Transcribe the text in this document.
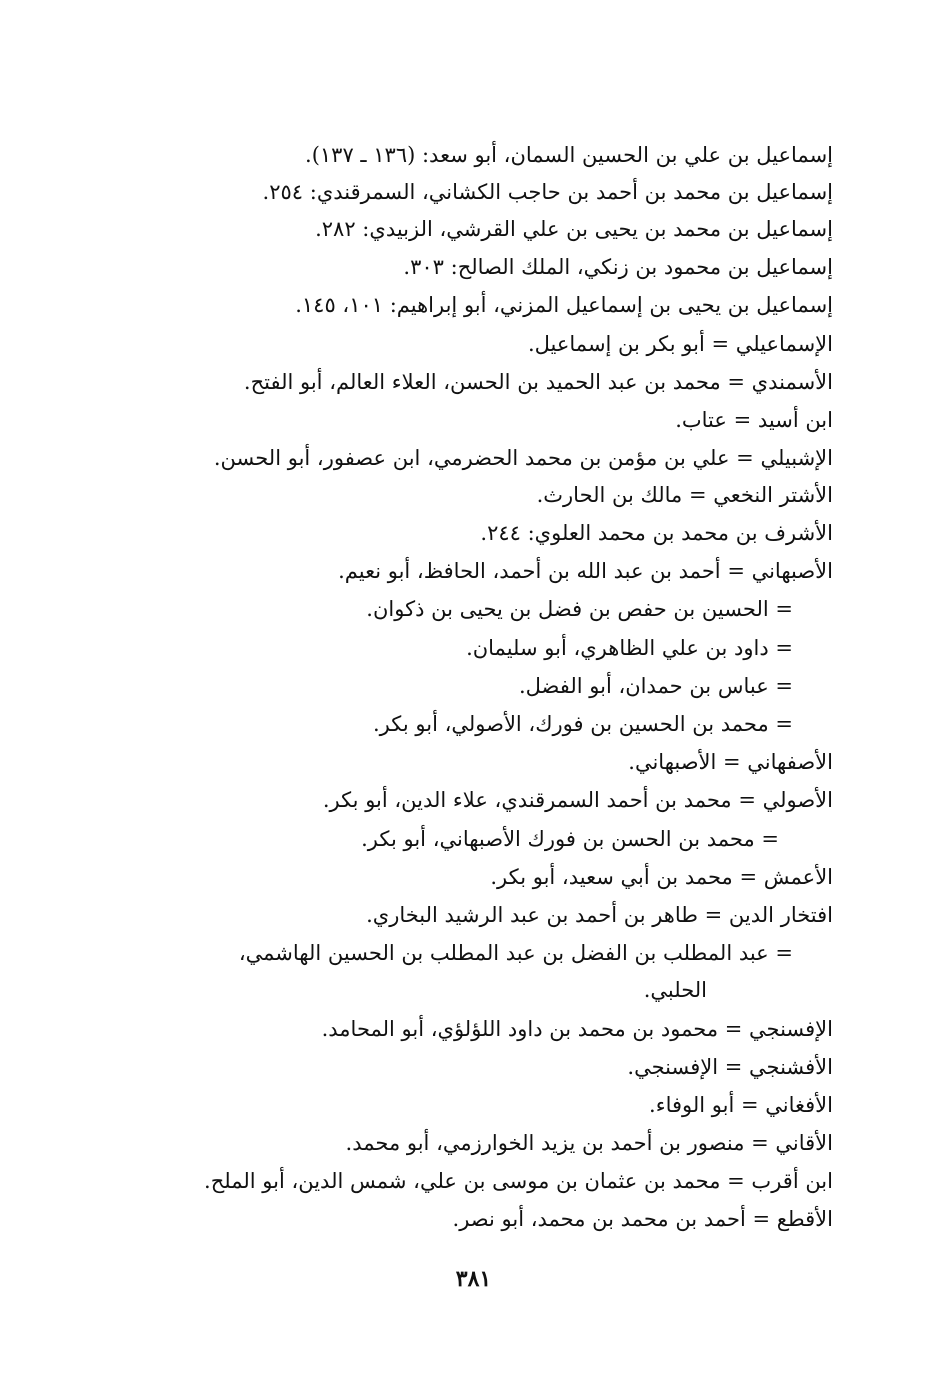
إسماعيل بن علي بن الحسين السمان، أبو سعد: (١٣٦ ـ ١٣٧).
إسماعيل بن محمد بن أحمد بن حاجب الكشاني، السمرقندي: ٢٥٤.
إسماعيل بن محمد بن يحيى بن علي القرشي، الزبيدي: ٢٨٢.
إسماعيل بن محمود بن زنكي، الملك الصالح: ٣٠٣.
إسماعيل بن يحيى بن إسماعيل المزني، أبو إبراهيم: ١٠١، ١٤٥.
الإسماعيلي = أبو بكر بن إسماعيل.
الأسمندي = محمد بن عبد الحميد بن الحسن، العلاء العالم، أبو الفتح.
ابن أسيد = عتاب.
الإشبيلي = علي بن مؤمن بن محمد الحضرمي، ابن عصفور، أبو الحسن.
الأشتر النخعي = مالك بن الحارث.
الأشرف بن محمد بن محمد العلوي: ٢٤٤.
الأصبهاني = أحمد بن عبد الله بن أحمد، الحافظ، أبو نعيم.
= الحسين بن حفص بن فضل بن يحيى بن ذكوان.
= داود بن علي الظاهري، أبو سليمان.
= عباس بن حمدان، أبو الفضل.
= محمد بن الحسين بن فورك، الأصولي، أبو بكر.
الأصفهاني = الأصبهاني.
الأصولي = محمد بن أحمد السمرقندي، علاء الدين، أبو بكر.
= محمد بن الحسن بن فورك الأصبهاني، أبو بكر.
الأعمش = محمد بن أبي سعيد، أبو بكر.
افتخار الدين = طاهر بن أحمد بن عبد الرشيد البخاري.
= عبد المطلب بن الفضل بن عبد المطلب بن الحسين الهاشمي،
الحلبي.
الإفسنجي = محمود بن محمد بن داود اللؤلؤي، أبو المحامد.
الأفشنجي = الإفسنجي.
الأفغاني = أبو الوفاء.
الأقاني = منصور بن أحمد بن يزيد الخوارزمي، أبو محمد.
ابن أقرب = محمد بن عثمان بن موسى بن علي، شمس الدين، أبو الملح.
الأقطع = أحمد بن محمد بن محمد، أبو نصر.
٣٨١
